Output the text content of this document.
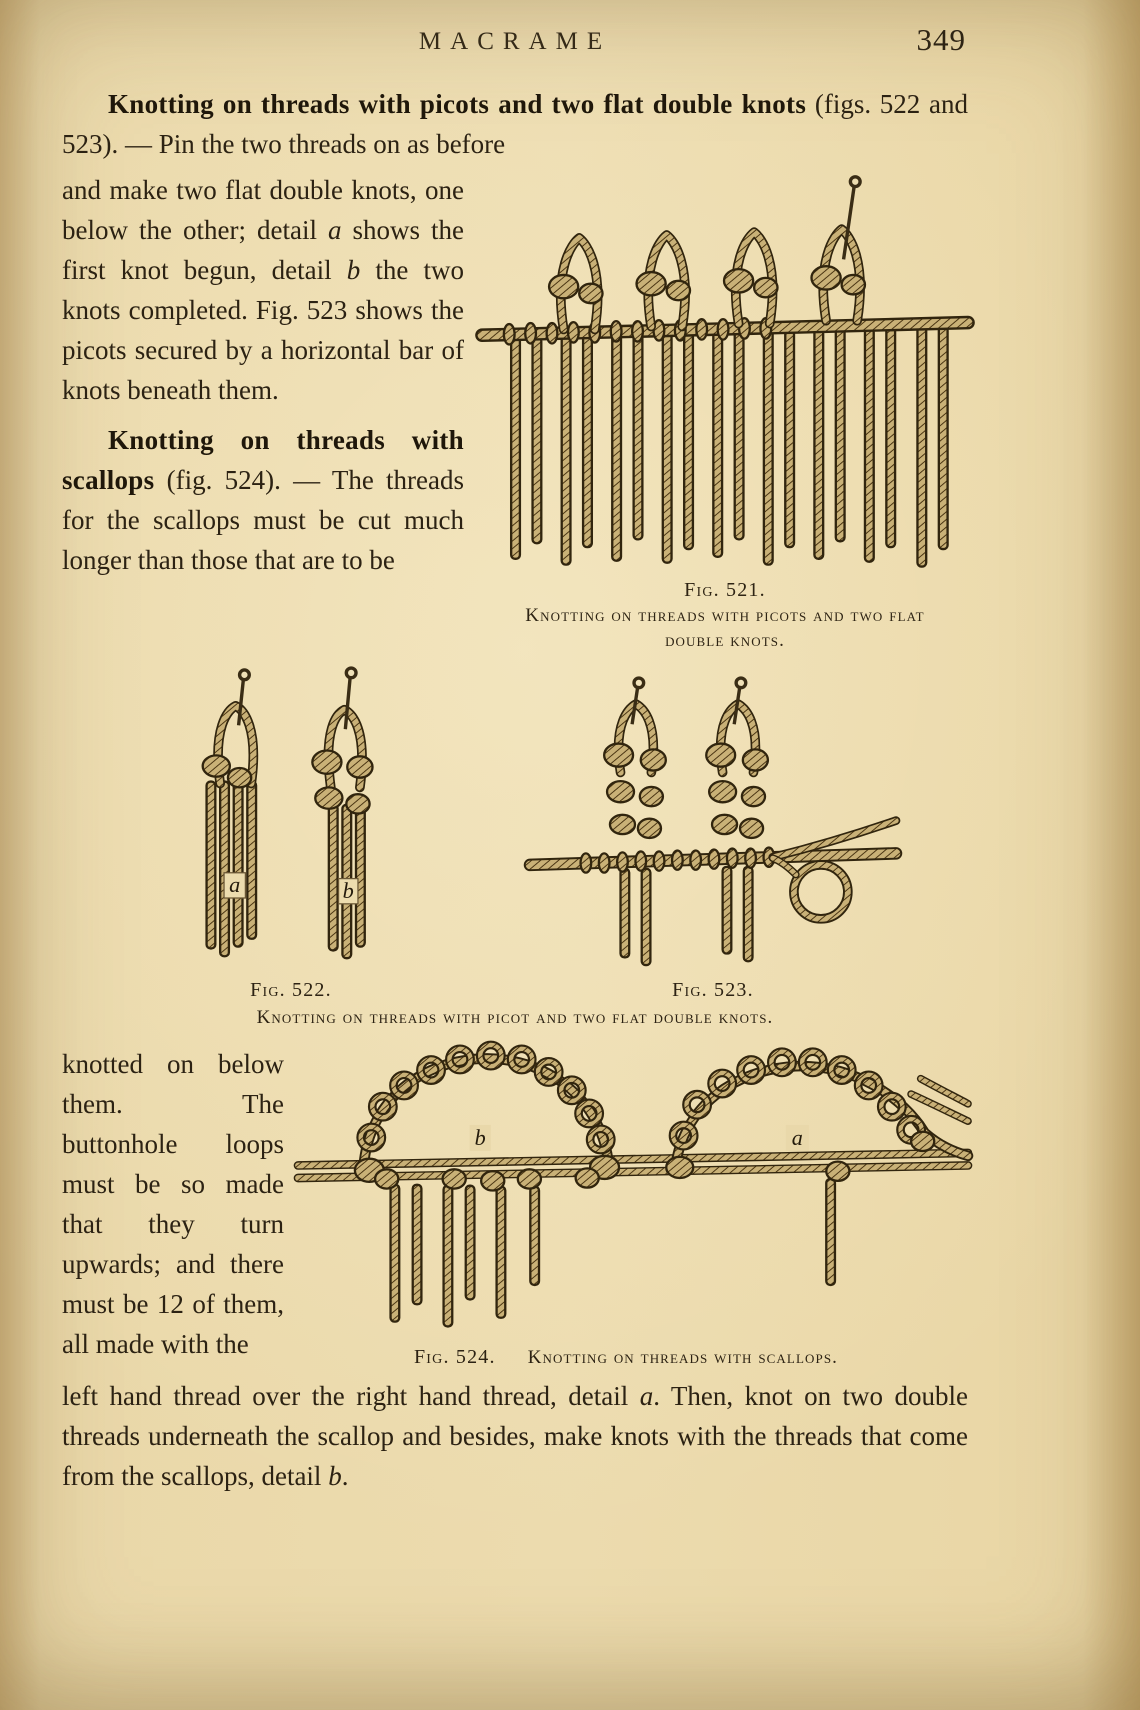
MACRAME	349

Knotting on threads with picots and two flat double knots (figs. 522 and 523). — Pin the two threads on as before

and make two flat double knots, one below the other; detail a shows the first knot begun, detail b the two knots completed. Fig. 523 shows the picots secured by a horizontal bar of knots beneath them.

Knotting on threads with scallops (fig. 524). — The threads for the scallops must be cut much longer than those that are to be

Fig. 521.
Knotting on threads with picots and two flat double knots.
a	b
Fig. 522.	Fig. 523.
Knotting on threads with picot and two flat double knots.

knotted on below them. The buttonhole loops must be so made that they turn upwards; and there must be 12 of them, all made with the

b	a
Fig. 524. Knotting on threads with scallops.

left hand thread over the right hand thread, detail a. Then, knot on two double threads underneath the scallop and besides, make knots with the threads that come from the scallops, detail b.
